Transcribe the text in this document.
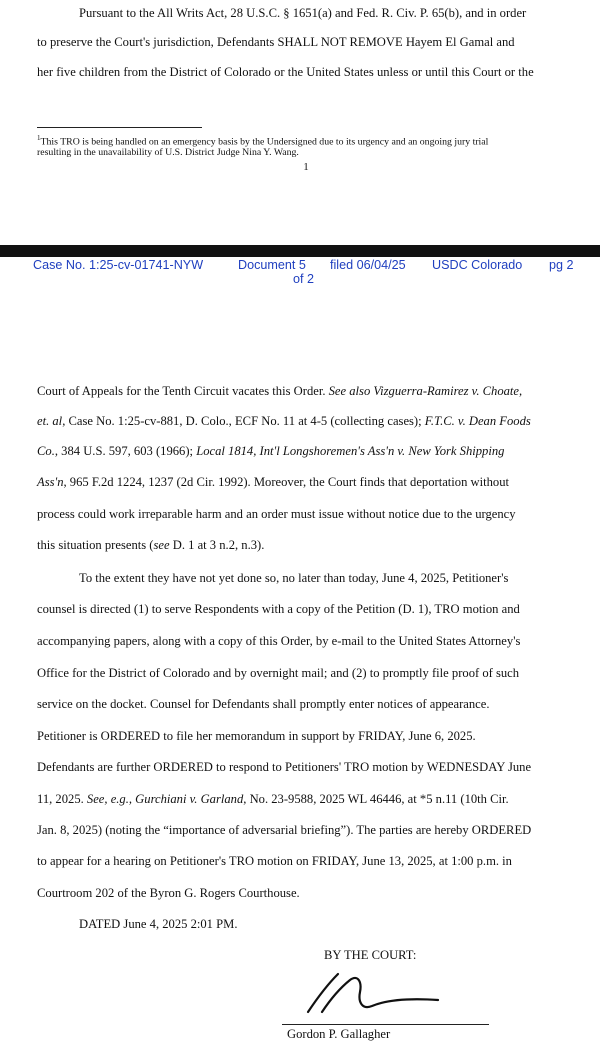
Pursuant to the All Writs Act, 28 U.S.C. § 1651(a) and Fed. R. Civ. P. 65(b), and in order
to preserve the Court's jurisdiction, Defendants SHALL NOT REMOVE Hayem El Gamal and
her five children from the District of Colorado or the United States unless or until this Court or the
$^1$This TRO is being handled on an emergency basis by the Undersigned due to its urgency and an ongoing jury trial
resulting in the unavailability of U.S. District Judge Nina Y. Wang.
1
Case No. 1:25-cv-01741-NYW	Document 5
of 2
filed 06/04/25 USDC Colorado pg 2
Court of Appeals for the Tenth Circuit vacates this Order. See also Vizguerra-Ramirez v. Choate,
et. al, Case No. 1:25-cv-881, D. Colo., ECF No. 11 at 4-5 (collecting cases); F.T.C. v. Dean Foods
Co., 384 U.S. 597, 603 (1966); Local 1814, Int'l Longshoremen's Ass'n v. New York Shipping
Ass'n, 965 F.2d 1224, 1237 (2d Cir. 1992). Moreover, the Court finds that deportation without
process could work irreparable harm and an order must issue without notice due to the urgency
this situation presents (see D. 1 at 3 n.2, n.3).
To the extent they have not yet done so, no later than today, June 4, 2025, Petitioner's
counsel is directed (1) to serve Respondents with a copy of the Petition (D. 1), TRO motion and
accompanying papers, along with a copy of this Order, by e-mail to the United States Attorney's
Office for the District of Colorado and by overnight mail; and (2) to promptly file proof of such
service on the docket. Counsel for Defendants shall promptly enter notices of appearance.
Petitioner is ORDERED to file her memorandum in support by FRIDAY, June 6, 2025.
Defendants are further ORDERED to respond to Petitioners' TRO motion by WEDNESDAY June
11, 2025. See, e.g., Gurchiani v. Garland, No. 23-9588, 2025 WL 46446, at *5 n.11 (10th Cir.
Jan. 8, 2025) (noting the “importance of adversarial briefing”). The parties are hereby ORDERED
to appear for a hearing on Petitioner's TRO motion on FRIDAY, June 13, 2025, at 1:00 p.m. in
Courtroom 202 of the Byron G. Rogers Courthouse.
DATED June 4, 2025 2:01 PM.
BY THE COURT:
Gordon P. Gallagher
